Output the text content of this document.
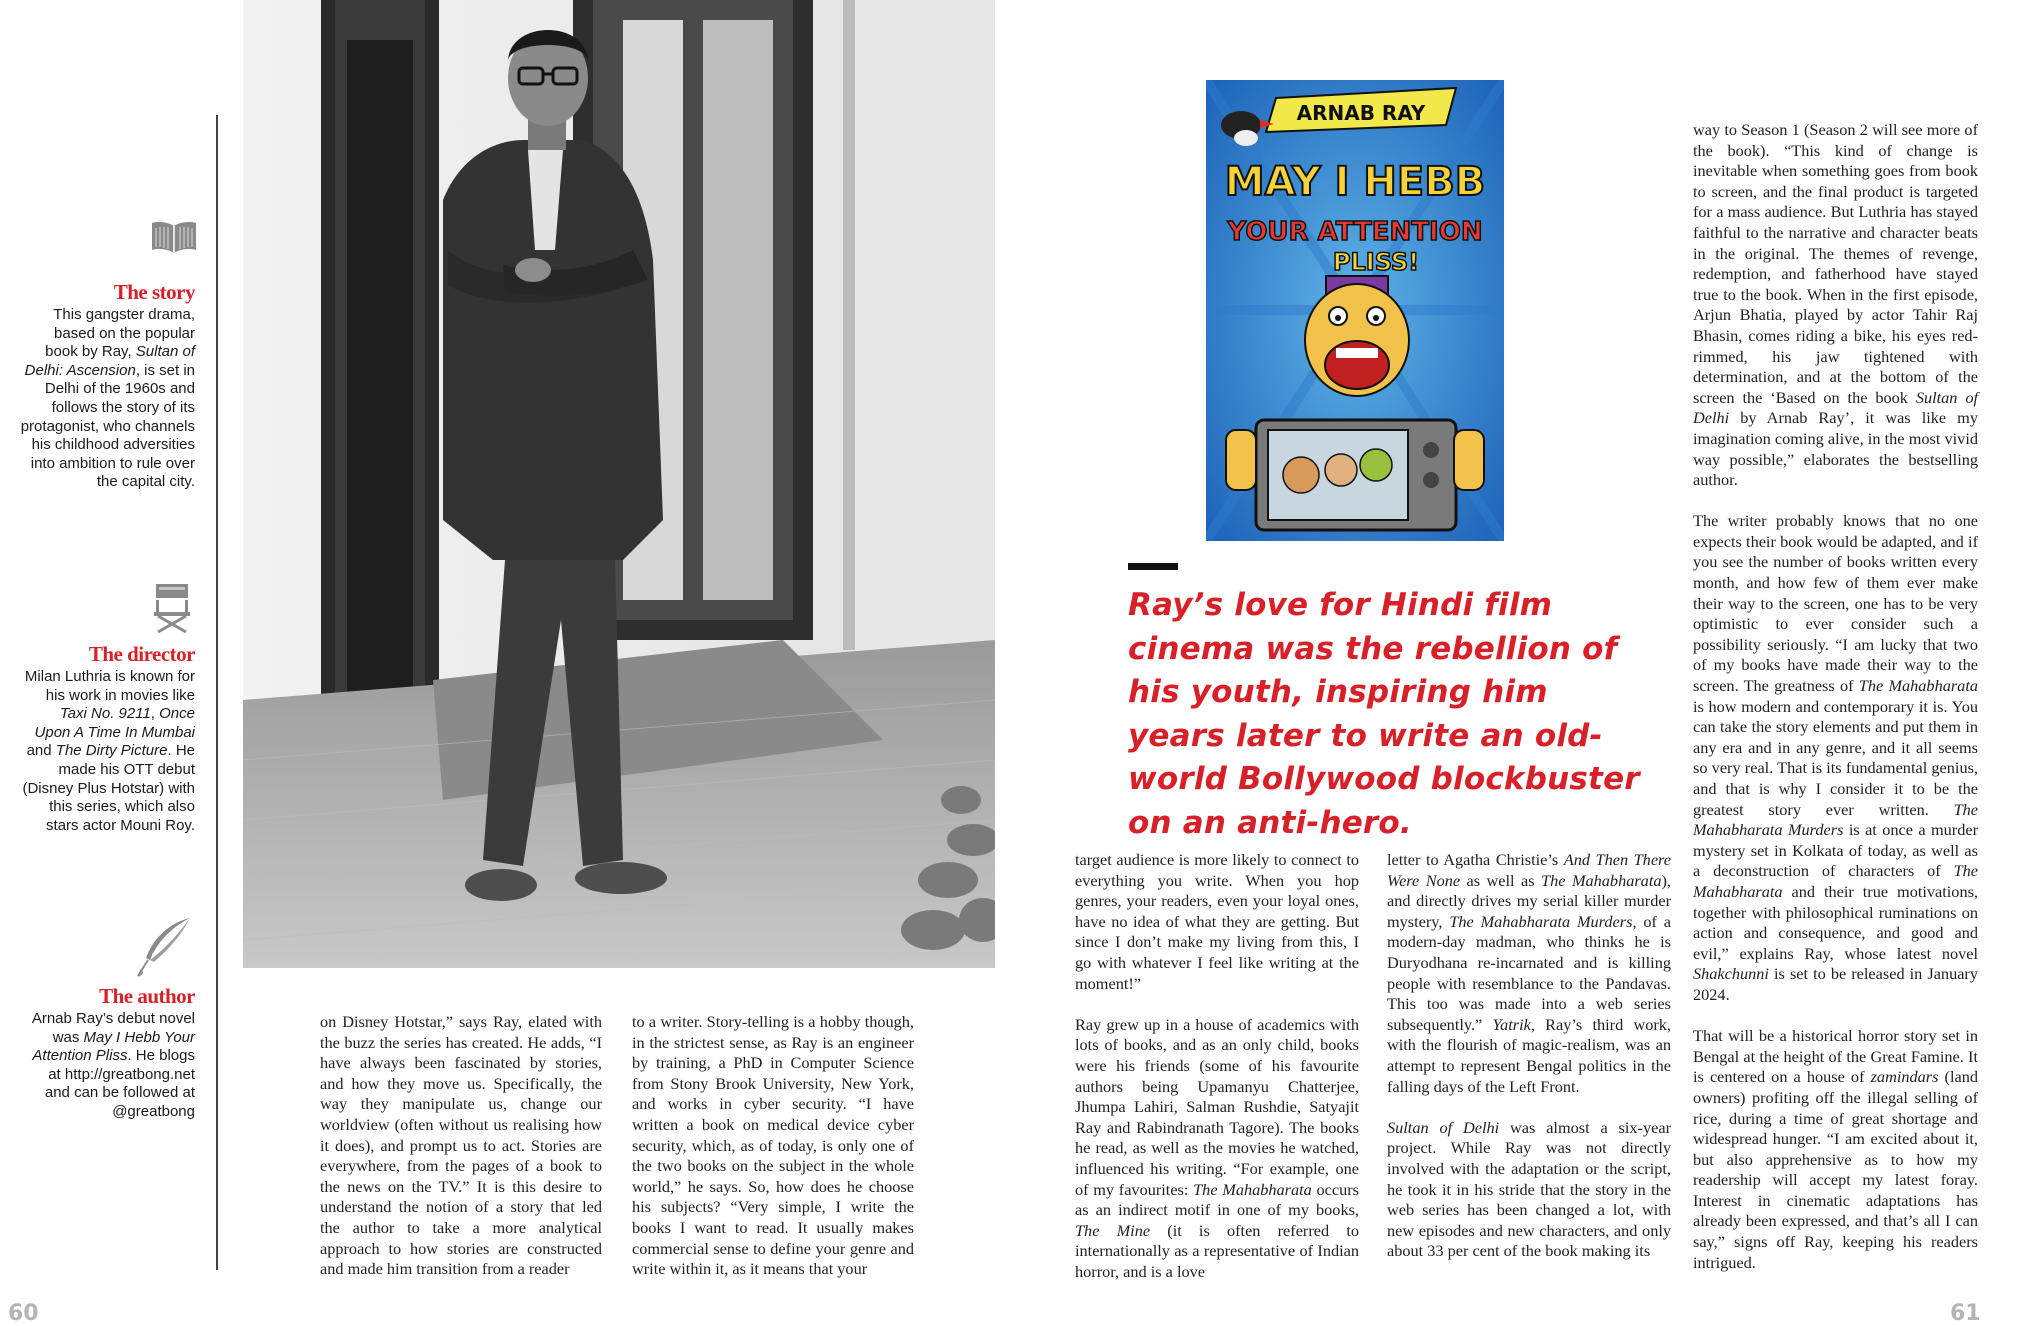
The story

This gangster drama, based on the popular book by Ray, Sultan of Delhi: Ascension, is set in Delhi of the 1960s and follows the story of its protagonist, who channels his childhood adversities into ambition to rule over the capital city.

The director

Milan Luthria is known for his work in movies like Taxi No. 9211, Once Upon A Time In Mumbai and The Dirty Picture. He made his OTT debut (Disney Plus Hotstar) with this series, which also stars actor Mouni Roy.

The author

Arnab Ray’s debut novel was May I Hebb Your Attention Pliss. He blogs at http://greatbong.net and can be followed at @greatbong

on Disney Hotstar,” says Ray, elated with the buzz the series has created. He adds, “I have always been fascinated by stories, and how they move us. Specifically, the way they manipulate us, change our worldview (often without us realising how it does), and prompt us to act. Stories are everywhere, from the pages of a book to the news on the TV.” It is this desire to understand the notion of a story that led the author to take a more analytical approach to how stories are constructed and made him transition from a reader

to a writer. Story-telling is a hobby though, in the strictest sense, as Ray is an engineer by training, a PhD in Computer Science from Stony Brook University, New York, and works in cyber security. “I have written a book on medical device cyber security, which, as of today, is only one of the two books on the subject in the whole world,” he says. So, how does he choose his subjects? “Very simple, I write the books I want to read. It usually makes commercial sense to define your genre and write within it, as it means that your

60
ARNAB RAY
MAY I HEBB
YOUR ATTENTION
PLISS!
Ray’s love for Hindi film cinema was the rebellion of his youth, inspiring him years later to write an old-world Bollywood blockbuster on an anti-hero.

target audience is more likely to connect to everything you write. When you hop genres, your readers, even your loyal ones, have no idea of what they are getting. But since I don’t make my living from this, I go with whatever I feel like writing at the moment!”

Ray grew up in a house of academics with lots of books, and as an only child, books were his friends (some of his favourite authors being Upamanyu Chatterjee, Jhumpa Lahiri, Salman Rushdie, Satyajit Ray and Rabindranath Tagore). The books he read, as well as the movies he watched, influenced his writing. “For example, one of my favourites: The Mahabharata occurs as an indirect motif in one of my books, The Mine (it is often referred to internationally as a representative of Indian horror, and is a love

letter to Agatha Christie’s And Then There Were None as well as The Mahabharata), and directly drives my serial killer murder mystery, The Mahabharata Murders, of a modern-day madman, who thinks he is Duryodhana re-incarnated and is killing people with resemblance to the Pandavas. This too was made into a web series subsequently.” Yatrik, Ray’s third work, with the flourish of magic-realism, was an attempt to represent Bengal politics in the falling days of the Left Front.

Sultan of Delhi was almost a six-year project. While Ray was not directly involved with the adaptation or the script, he took it in his stride that the story in the web series has been changed a lot, with new episodes and new characters, and only about 33 per cent of the book making its

way to Season 1 (Season 2 will see more of the book). “This kind of change is inevitable when something goes from book to screen, and the final product is targeted for a mass audience. But Luthria has stayed faithful to the narrative and character beats in the original. The themes of revenge, redemption, and fatherhood have stayed true to the book. When in the first episode, Arjun Bhatia, played by actor Tahir Raj Bhasin, comes riding a bike, his eyes red-rimmed, his jaw tightened with determination, and at the bottom of the screen the ‘Based on the book Sultan of Delhi by Arnab Ray’, it was like my imagination coming alive, in the most vivid way possible,” elaborates the bestselling author.

The writer probably knows that no one expects their book would be adapted, and if you see the number of books written every month, and how few of them ever make their way to the screen, one has to be very optimistic to ever consider such a possibility seriously. “I am lucky that two of my books have made their way to the screen. The greatness of The Mahabharata is how modern and contemporary it is. You can take the story elements and put them in any era and in any genre, and it all seems so very real. That is its fundamental genius, and that is why I consider it to be the greatest story ever written. The Mahabharata Murders is at once a murder mystery set in Kolkata of today, as well as a deconstruction of characters of The Mahabharata and their true motivations, together with philosophical ruminations on action and consequence, and good and evil,” explains Ray, whose latest novel Shakchunni is set to be released in January 2024.

That will be a historical horror story set in Bengal at the height of the Great Famine. It is centered on a house of zamindars (land owners) profiting off the illegal selling of rice, during a time of great shortage and widespread hunger. “I am excited about it, but also apprehensive as to how my readership will accept my latest foray. Interest in cinematic adaptations has already been expressed, and that’s all I can say,” signs off Ray, keeping his readers intrigued.

61
